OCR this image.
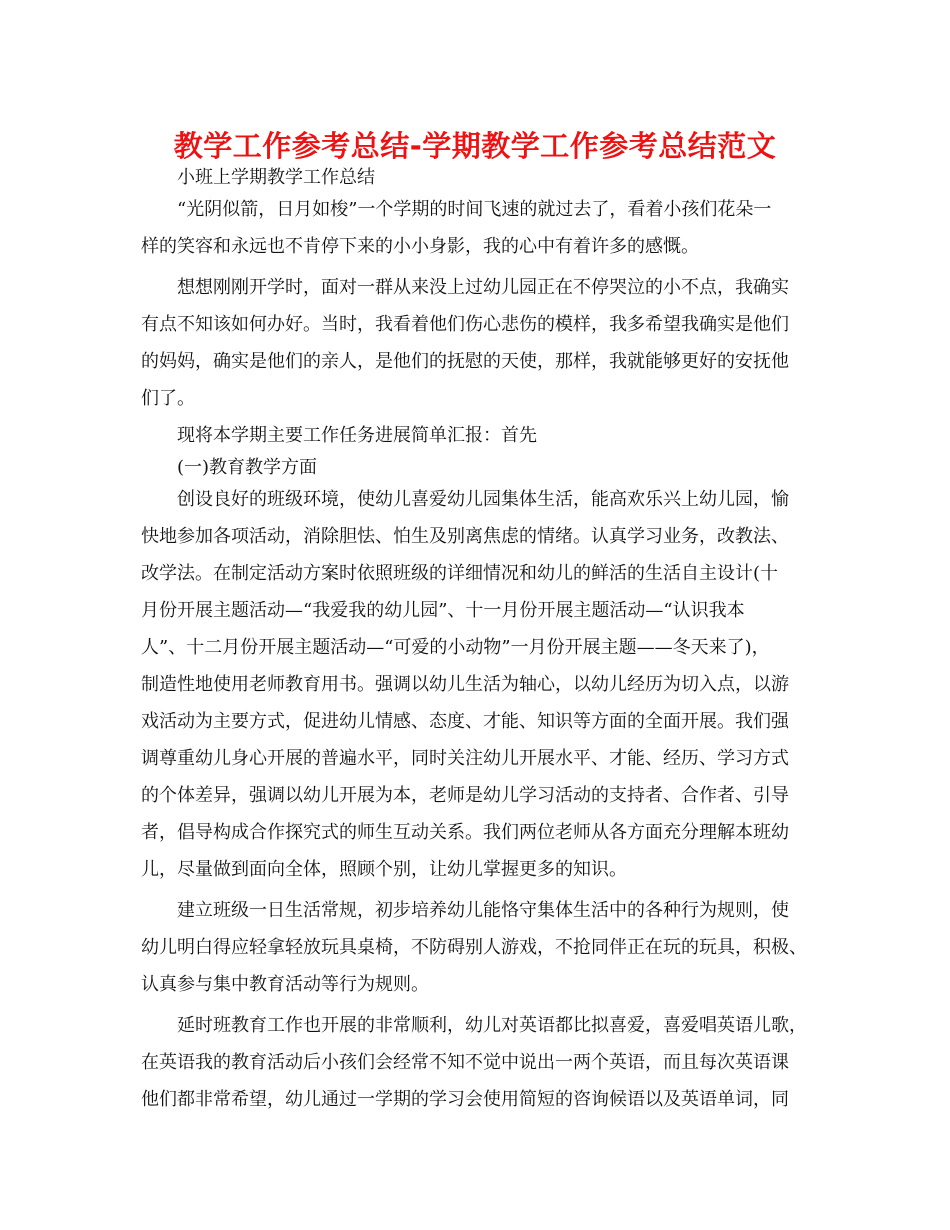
教学工作参考总结-学期教学工作参考总结范文
小班上学期教学工作总结
“光阴似箭，日月如梭”一个学期的时间飞速的就过去了，看着小孩们花朵一
样的笑容和永远也不肯停下来的小小身影，我的心中有着许多的感慨。
想想刚刚开学时，面对一群从来没上过幼儿园正在不停哭泣的小不点，我确实
有点不知该如何办好。当时，我看着他们伤心悲伤的模样，我多希望我确实是他们
的妈妈，确实是他们的亲人，是他们的抚慰的天使，那样，我就能够更好的安抚他
们了。
现将本学期主要工作任务进展简单汇报：首先
(一)教育教学方面
创设良好的班级环境，使幼儿喜爱幼儿园集体生活，能高欢乐兴上幼儿园，愉
快地参加各项活动，消除胆怯、怕生及别离焦虑的情绪。认真学习业务，改教法、
改学法。在制定活动方案时依照班级的详细情况和幼儿的鲜活的生活自主设计(十
月份开展主题活动—“我爱我的幼儿园”、十一月份开展主题活动—“认识我本
人”、十二月份开展主题活动—“可爱的小动物”一月份开展主题——冬天来了)，
制造性地使用老师教育用书。强调以幼儿生活为轴心，以幼儿经历为切入点，以游
戏活动为主要方式，促进幼儿情感、态度、才能、知识等方面的全面开展。我们强
调尊重幼儿身心开展的普遍水平，同时关注幼儿开展水平、才能、经历、学习方式
的个体差异，强调以幼儿开展为本，老师是幼儿学习活动的支持者、合作者、引导
者，倡导构成合作探究式的师生互动关系。我们两位老师从各方面充分理解本班幼
儿，尽量做到面向全体，照顾个别，让幼儿掌握更多的知识。
建立班级一日生活常规，初步培养幼儿能恪守集体生活中的各种行为规则，使
幼儿明白得应轻拿轻放玩具桌椅，不防碍别人游戏，不抢同伴正在玩的玩具，积极、
认真参与集中教育活动等行为规则。
延时班教育工作也开展的非常顺利，幼儿对英语都比拟喜爱，喜爱唱英语儿歌，
在英语我的教育活动后小孩们会经常不知不觉中说出一两个英语，而且每次英语课
他们都非常希望，幼儿通过一学期的学习会使用简短的咨询候语以及英语单词，同
